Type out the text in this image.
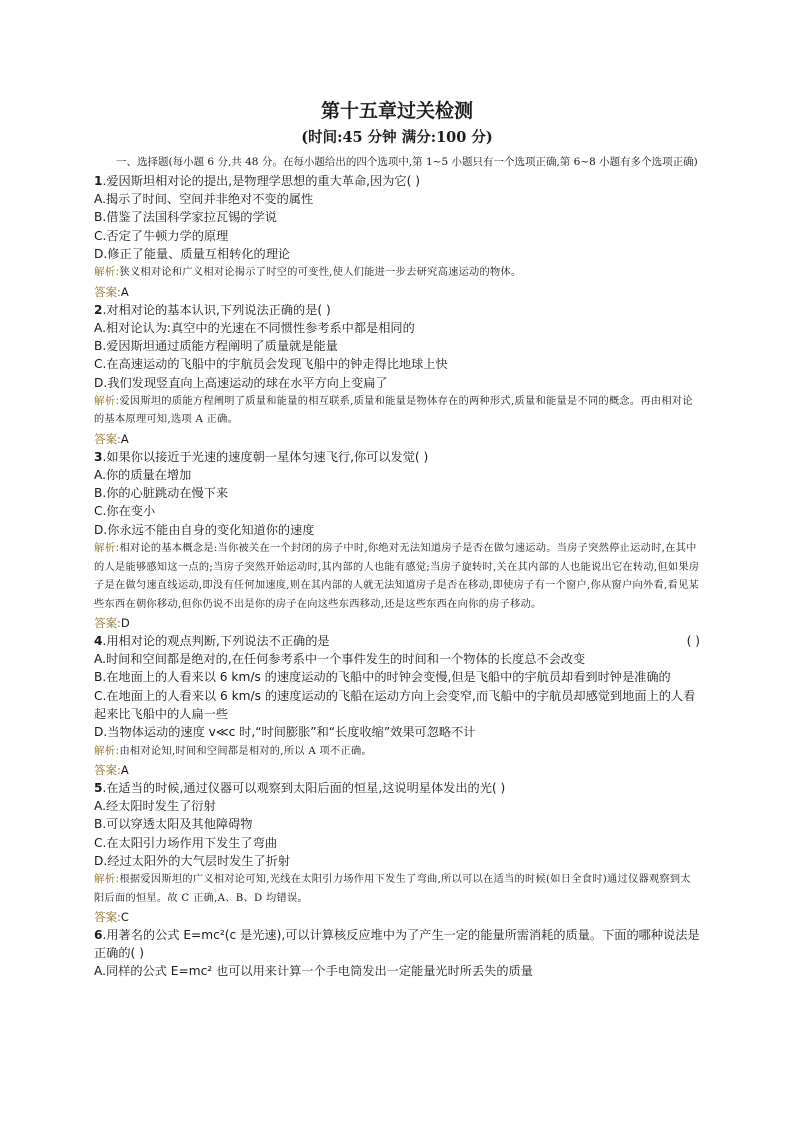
第十五章过关检测
(时间:45 分钟 满分:100 分)
一、选择题(每小题 6 分,共 48 分。在每小题给出的四个选项中,第 1~5 小题只有一个选项正确,第 6~8 小题有多个选项正确)
1.爱因斯坦相对论的提出,是物理学思想的重大革命,因为它( )
A.揭示了时间、空间并非绝对不变的属性
B.借鉴了法国科学家拉瓦锡的学说
C.否定了牛顿力学的原理
D.修正了能量、质量互相转化的理论
解析:狭义相对论和广义相对论揭示了时空的可变性,使人们能进一步去研究高速运动的物体。
答案:A
2.对相对论的基本认识,下列说法正确的是( )
A.相对论认为:真空中的光速在不同惯性参考系中都是相同的
B.爱因斯坦通过质能方程阐明了质量就是能量
C.在高速运动的飞船中的宇航员会发现飞船中的钟走得比地球上快
D.我们发现竖直向上高速运动的球在水平方向上变扁了
解析:爱因斯坦的质能方程阐明了质量和能量的相互联系,质量和能量是物体存在的两种形式,质量和能量是不同的概念。再由相对论的基本原理可知,选项 A 正确。
答案:A
3.如果你以接近于光速的速度朝一星体匀速飞行,你可以发觉( )
A.你的质量在增加
B.你的心脏跳动在慢下来
C.你在变小
D.你永远不能由自身的变化知道你的速度
解析:相对论的基本概念是:当你被关在一个封闭的房子中时,你绝对无法知道房子是否在做匀速运动。当房子突然停止运动时,在其中的人是能够感知这一点的;当房子突然开始运动时,其内部的人也能有感觉;当房子旋转时,关在其内部的人也能说出它在转动,但如果房子是在做匀速直线运动,即没有任何加速度,则在其内部的人就无法知道房子是否在移动,即使房子有一个窗户,你从窗户向外看,看见某些东西在朝你移动,但你仍说不出是你的房子在向这些东西移动,还是这些东西在向你的房子移动。
答案:D
4.用相对论的观点判断,下列说法不正确的是	( )
A.时间和空间都是绝对的,在任何参考系中一个事件发生的时间和一个物体的长度总不会改变
B.在地面上的人看来以 6 km/s 的速度运动的飞船中的时钟会变慢,但是飞船中的宇航员却看到时钟是准确的
C.在地面上的人看来以 6 km/s 的速度运动的飞船在运动方向上会变窄,而飞船中的宇航员却感觉到地面上的人看起来比飞船中的人扁一些
D.当物体运动的速度 v≪c 时,“时间膨胀”和“长度收缩”效果可忽略不计
解析:由相对论知,时间和空间都是相对的,所以 A 项不正确。
答案:A
5.在适当的时候,通过仪器可以观察到太阳后面的恒星,这说明星体发出的光( )
A.经太阳时发生了衍射
B.可以穿透太阳及其他障碍物
C.在太阳引力场作用下发生了弯曲
D.经过太阳外的大气层时发生了折射
解析:根据爱因斯坦的广义相对论可知,光线在太阳引力场作用下发生了弯曲,所以可以在适当的时候(如日全食时)通过仪器观察到太阳后面的恒星。故 C 正确,A、B、D 均错误。
答案:C
6.用著名的公式 E=mc²(c 是光速),可以计算核反应堆中为了产生一定的能量所需消耗的质量。下面的哪种说法是正确的( )
A.同样的公式 E=mc² 也可以用来计算一个手电筒发出一定能量光时所丢失的质量
